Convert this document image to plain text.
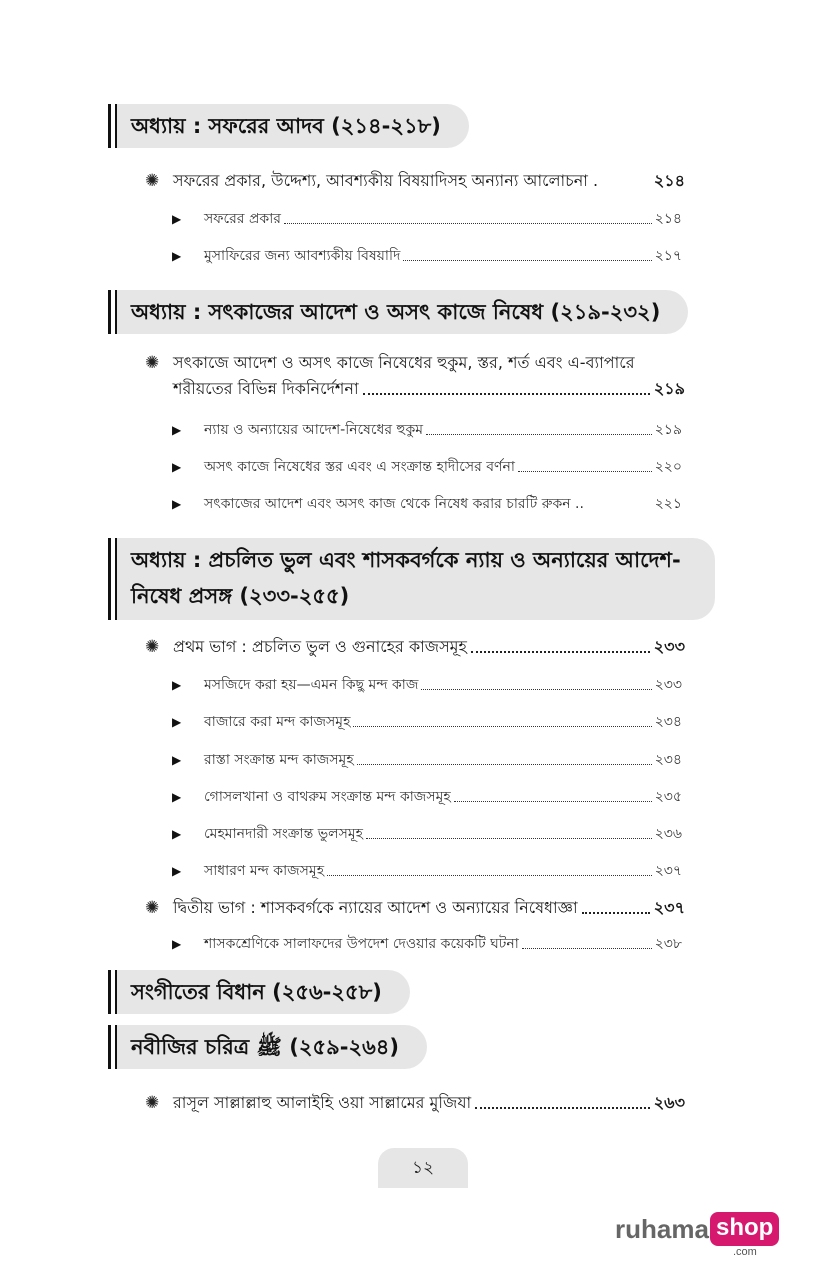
অধ্যায় : সফরের আদব (২১৪-২১৮)
✺ সফরের প্রকার, উদ্দেশ্য, আবশ্যকীয় বিষয়াদিসহ অন্যান্য আলোচনা .	২১৪
▶	সফরের প্রকার	২১৪
▶	মুসাফিরের জন্য আবশ্যকীয় বিষয়াদি	২১৭
অধ্যায় : সৎকাজের আদেশ ও অসৎ কাজে নিষেধ (২১৯-২৩২)
✺ সৎকাজে আদেশ ও অসৎ কাজে নিষেধের হুকুম, স্তর, শর্ত এবং এ-ব্যাপারে
শরীয়তের বিভিন্ন দিকনির্দেশনা	২১৯
▶	ন্যায় ও অন্যায়ের আদেশ-নিষেধের হুকুম	২১৯
▶	অসৎ কাজে নিষেধের স্তর এবং এ সংক্রান্ত হাদীসের বর্ণনা	২২০
▶	সৎকাজের আদেশ এবং অসৎ কাজ থেকে নিষেধ করার চারটি রুকন ..	২২১
অধ্যায় : প্রচলিত ভুল এবং শাসকবর্গকে ন্যায় ও অন্যায়ের আদেশ-নিষেধ প্রসঙ্গ (২৩৩-২৫৫)
✺ প্রথম ভাগ : প্রচলিত ভুল ও গুনাহের কাজসমূহ	২৩৩
▶	মসজিদে করা হয়—এমন কিছু মন্দ কাজ	২৩৩
▶	বাজারে করা মন্দ কাজসমূহ	২৩৪
▶	রাস্তা সংক্রান্ত মন্দ কাজসমূহ	২৩৪
▶	গোসলখানা ও বাথরুম সংক্রান্ত মন্দ কাজসমূহ	২৩৫
▶	মেহমানদারী সংক্রান্ত ভুলসমূহ	২৩৬
▶	সাধারণ মন্দ কাজসমূহ	২৩৭
✺ দ্বিতীয় ভাগ : শাসকবর্গকে ন্যায়ের আদেশ ও অন্যায়ের নিষেধাজ্ঞা	২৩৭
▶	শাসকশ্রেণিকে সালাফদের উপদেশ দেওয়ার কয়েকটি ঘটনা	২৩৮
সংগীতের বিধান (২৫৬-২৫৮)
নবীজির চরিত্র ﷺ (২৫৯-২৬৪)
✺ রাসূল সাল্লাল্লাহু আলাইহি ওয়া সাল্লামের মুজিযা	২৬৩
১২
ruhama shop
.com
